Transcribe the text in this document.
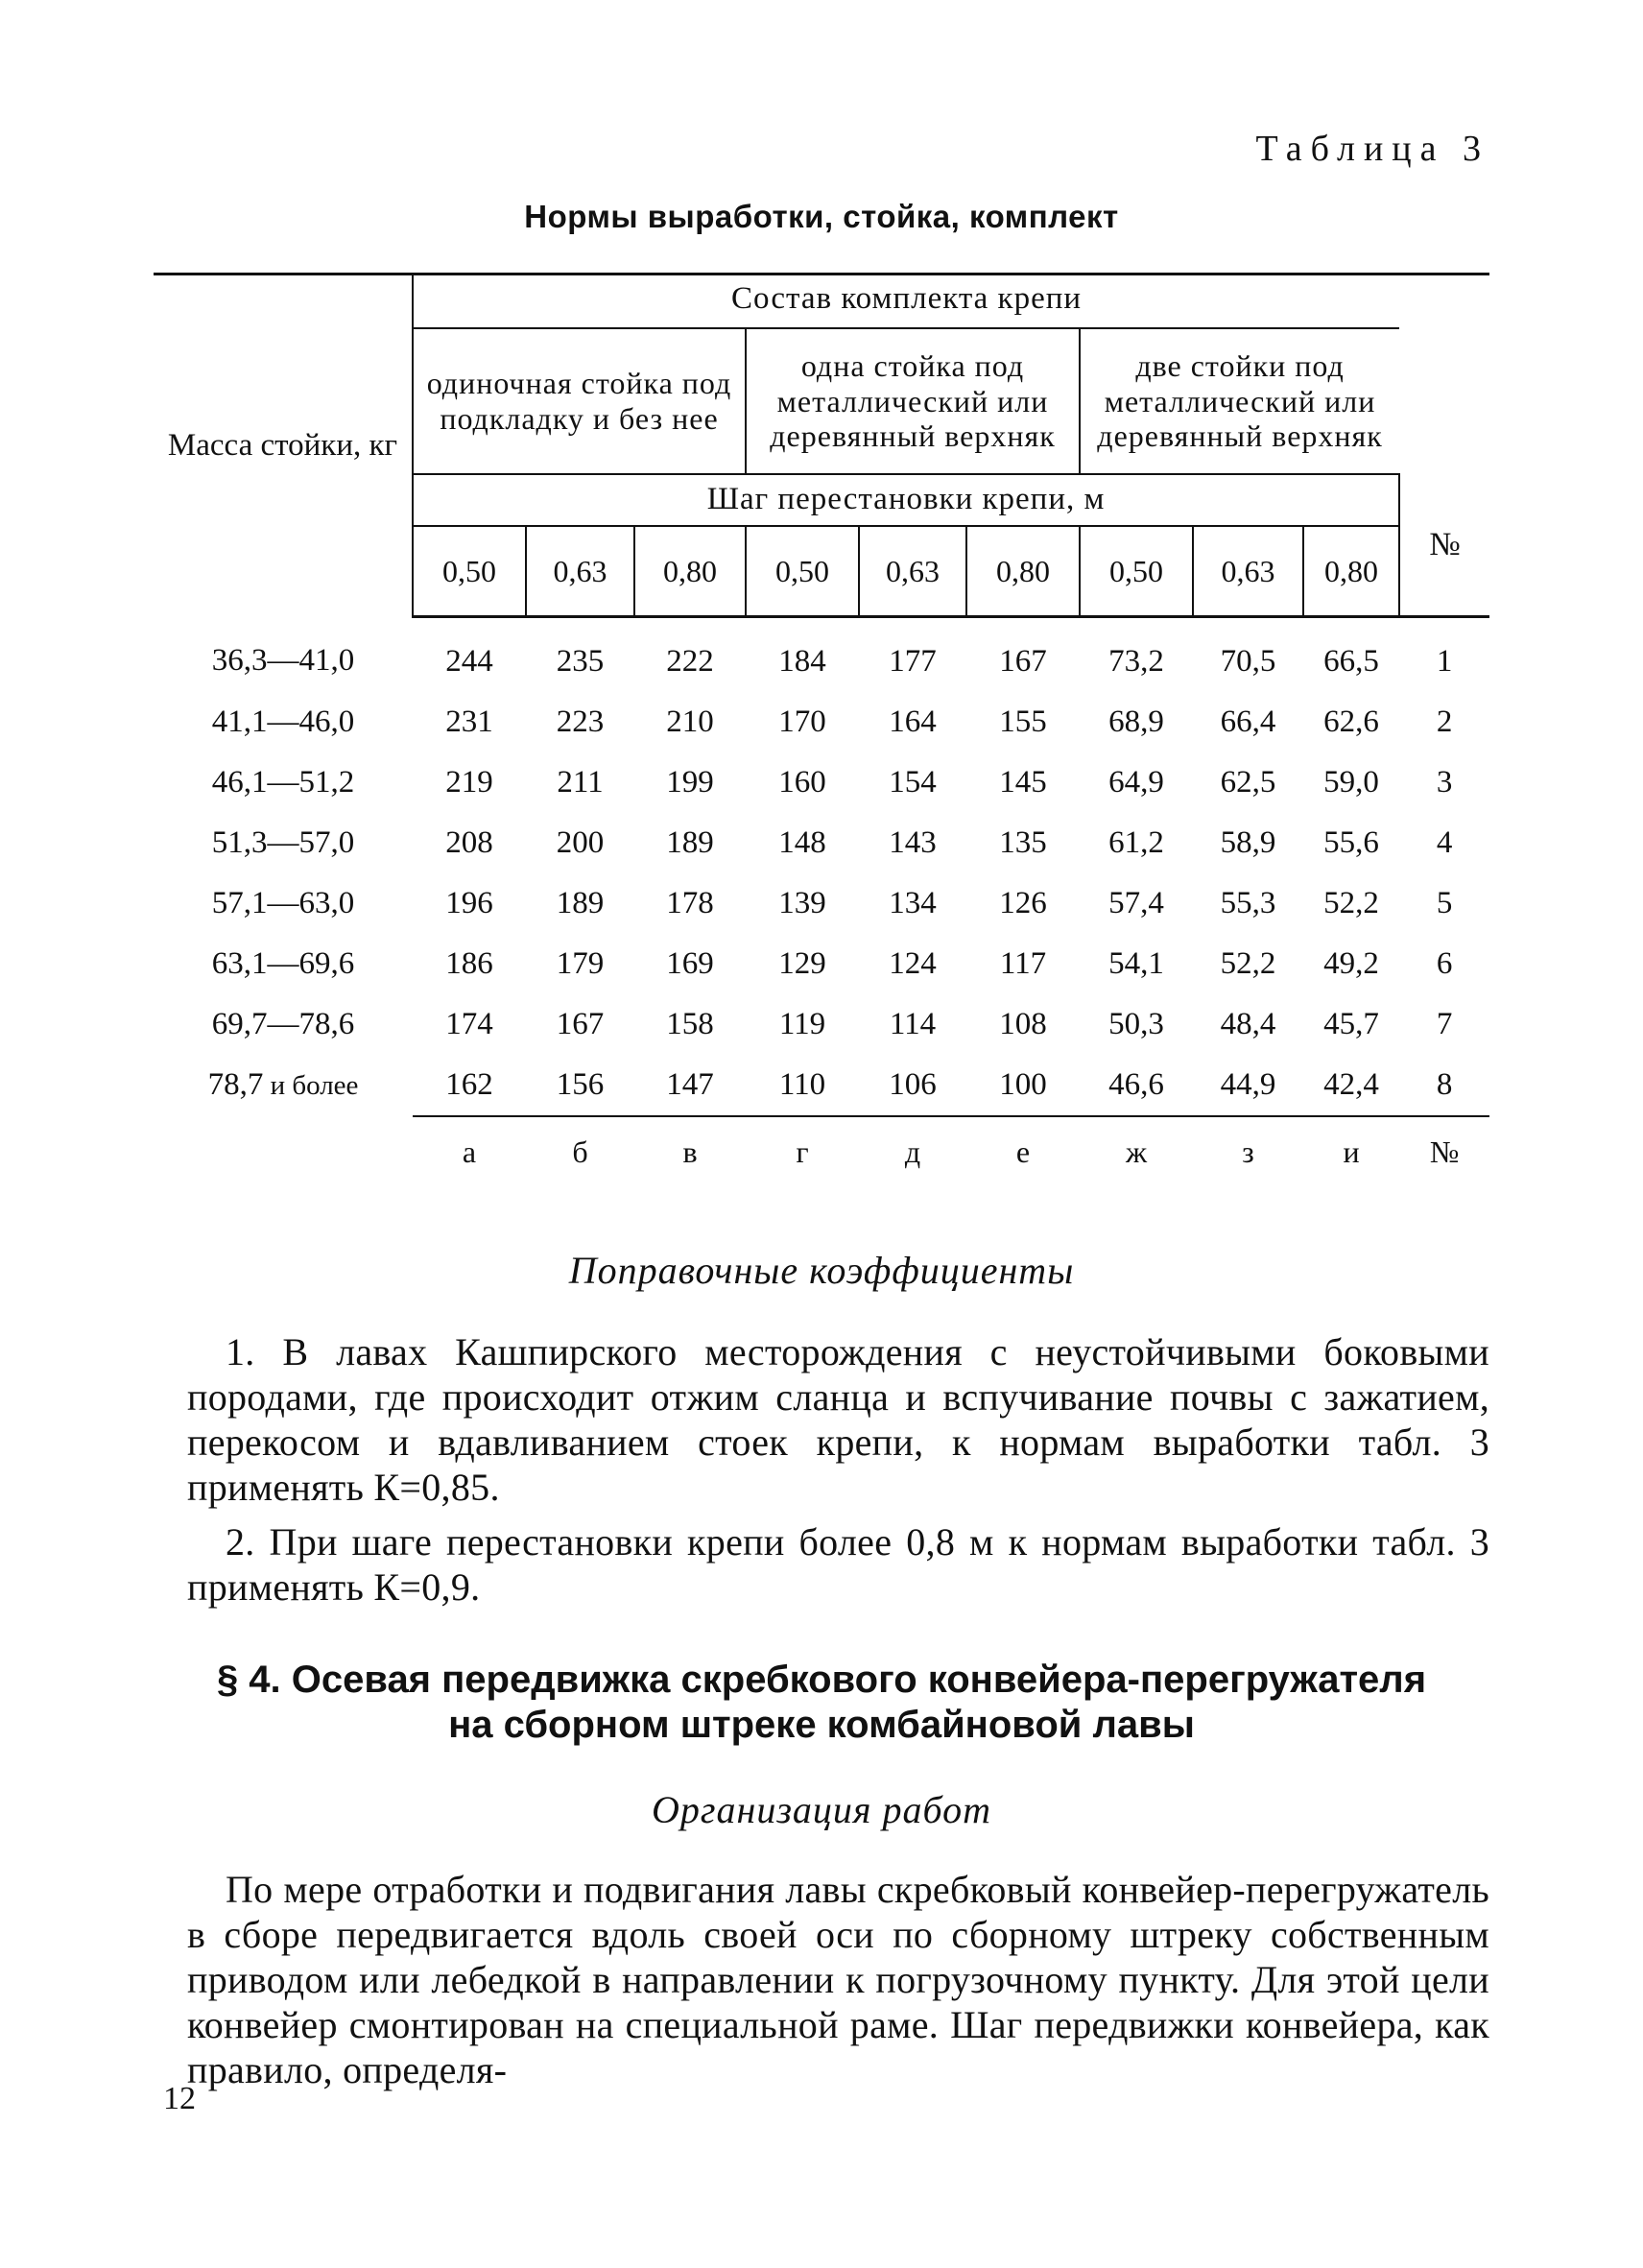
Таблица 3
Нормы выработки, стойка, комплект
Масса стойки, кг	Состав комплекта крепи									
	одиночная стойка под подкладку и без нее			одна стойка под металлический или деревянный верхняк			две стойки под металлический или деревянный верхняк			
	Шаг перестановки крепи, м									№
	0,50	0,63	0,80	0,50	0,63	0,80	0,50	0,63	0,80	
36,3—41,0	244	235	222	184	177	167	73,2	70,5	66,5	1
41,1—46,0	231	223	210	170	164	155	68,9	66,4	62,6	2
46,1—51,2	219	211	199	160	154	145	64,9	62,5	59,0	3
51,3—57,0	208	200	189	148	143	135	61,2	58,9	55,6	4
57,1—63,0	196	189	178	139	134	126	57,4	55,3	52,2	5
63,1—69,6	186	179	169	129	124	117	54,1	52,2	49,2	6
69,7—78,6	174	167	158	119	114	108	50,3	48,4	45,7	7
78,7 и более	162	156	147	110	106	100	46,6	44,9	42,4	8
	а	б	в	г	д	е	ж	з	и	№
Поправочные коэффициенты
1. В лавах Кашпирского месторождения с неустойчивыми боковыми породами, где происходит отжим сланца и вспучивание почвы с зажатием, перекосом и вдавливанием стоек крепи, к нормам выработки табл. 3 применять К=0,85.
2. При шаге перестановки крепи более 0,8 м к нормам выработки табл. 3 применять К=0,9.
§ 4. Осевая передвижка скребкового конвейера-перегружателя
на сборном штреке комбайновой лавы
Организация работ
По мере отработки и подвигания лавы скребковый конвейер-перегружатель в сборе передвигается вдоль своей оси по сборному штреку собственным приводом или лебедкой в направлении к погрузочному пункту. Для этой цели конвейер смонтирован на специальной раме. Шаг передвижки конвейера, как правило, определя-
12
